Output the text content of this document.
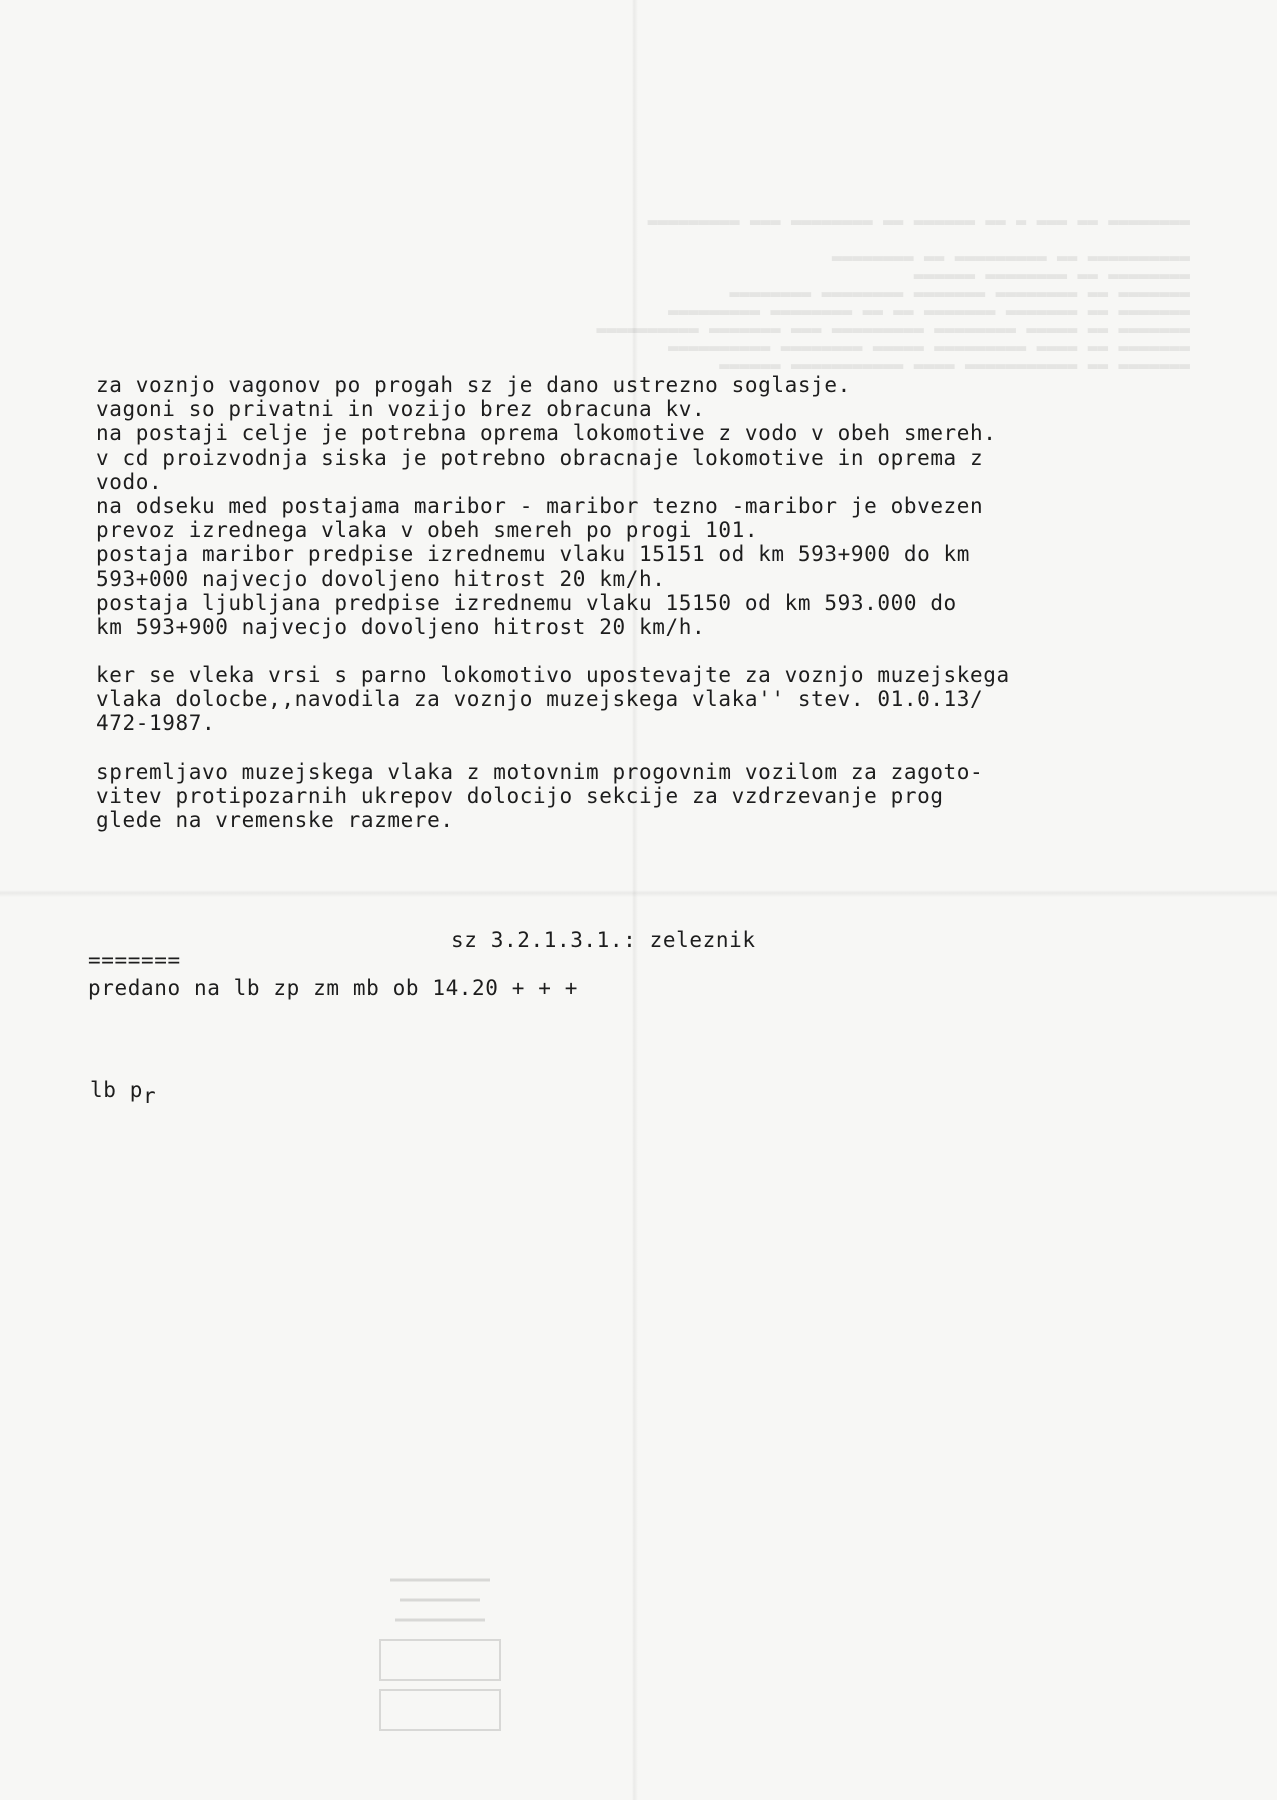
▬▬▬▬▬▬▬▬ ▬▬ ▬▬▬ ▬ ▬▬ ▬▬▬▬▬▬ ▬▬ ▬▬▬▬▬▬▬▬ ▬▬▬ ▬▬▬▬▬▬▬▬▬
▬▬▬▬▬▬▬▬▬▬ ▬▬ ▬▬▬▬▬▬▬▬▬ ▬▬ ▬▬▬▬▬▬▬▬
▬▬▬▬▬▬▬▬ ▬▬ ▬▬▬▬▬▬▬▬ ▬▬▬▬▬▬
▬▬▬▬▬▬▬ ▬▬ ▬▬▬▬▬▬▬▬ ▬▬▬▬▬▬▬ ▬▬▬▬▬▬▬▬ ▬▬▬▬▬▬▬▬
▬▬▬▬▬▬▬ ▬▬ ▬▬▬▬▬▬▬ ▬▬▬▬▬▬▬ ▬▬ ▬▬ ▬▬▬▬▬▬▬▬ ▬▬▬▬▬▬▬▬▬
▬▬▬▬▬▬▬ ▬▬ ▬▬▬▬▬ ▬▬▬▬▬▬▬▬ ▬▬▬▬▬▬▬▬▬ ▬▬▬ ▬▬▬▬▬▬▬ ▬▬▬▬▬▬▬▬▬▬
▬▬▬▬▬▬▬ ▬▬ ▬▬▬▬ ▬▬▬▬▬▬▬▬▬ ▬▬▬▬▬ ▬▬▬▬▬▬▬▬ ▬▬▬▬▬▬▬▬▬▬
▬▬▬▬▬▬▬ ▬▬ ▬▬▬▬▬▬▬▬▬▬▬ ▬▬▬▬ ▬▬▬▬▬▬▬▬▬▬▬ ▬▬▬▬▬▬
za voznjo vagonov po progah sz je dano ustrezno soglasje.
vagoni so privatni in vozijo brez obracuna kv.
na postaji celje je potrebna oprema lokomotive z vodo v obeh smereh.
v cd proizvodnja siska je potrebno obracnaje lokomotive in oprema z
vodo.
na odseku med postajama maribor - maribor tezno -maribor je obvezen
prevoz izrednega vlaka v obeh smereh po progi 101.
postaja maribor predpise izrednemu vlaku 15151 od km 593+900 do km
593+000 najvecjo dovoljeno hitrost 20 km/h.
postaja ljubljana predpise izrednemu vlaku 15150 od km 593.000 do
km 593+900 najvecjo dovoljeno hitrost 20 km/h.
ker se vleka vrsi s parno lokomotivo upostevajte za voznjo muzejskega
vlaka dolocbe,,navodila za voznjo muzejskega vlaka'' stev. 01.0.13/
472-1987.
spremljavo muzejskega vlaka z motovnim progovnim vozilom za zagoto-
vitev protipozarnih ukrepov dolocijo sekcije za vzdrzevanje prog
glede na vremenske razmere.
sz 3.2.1.3.1.: zeleznik
=======
predano na lb zp zm mb ob 14.20 + + +
lb pr
